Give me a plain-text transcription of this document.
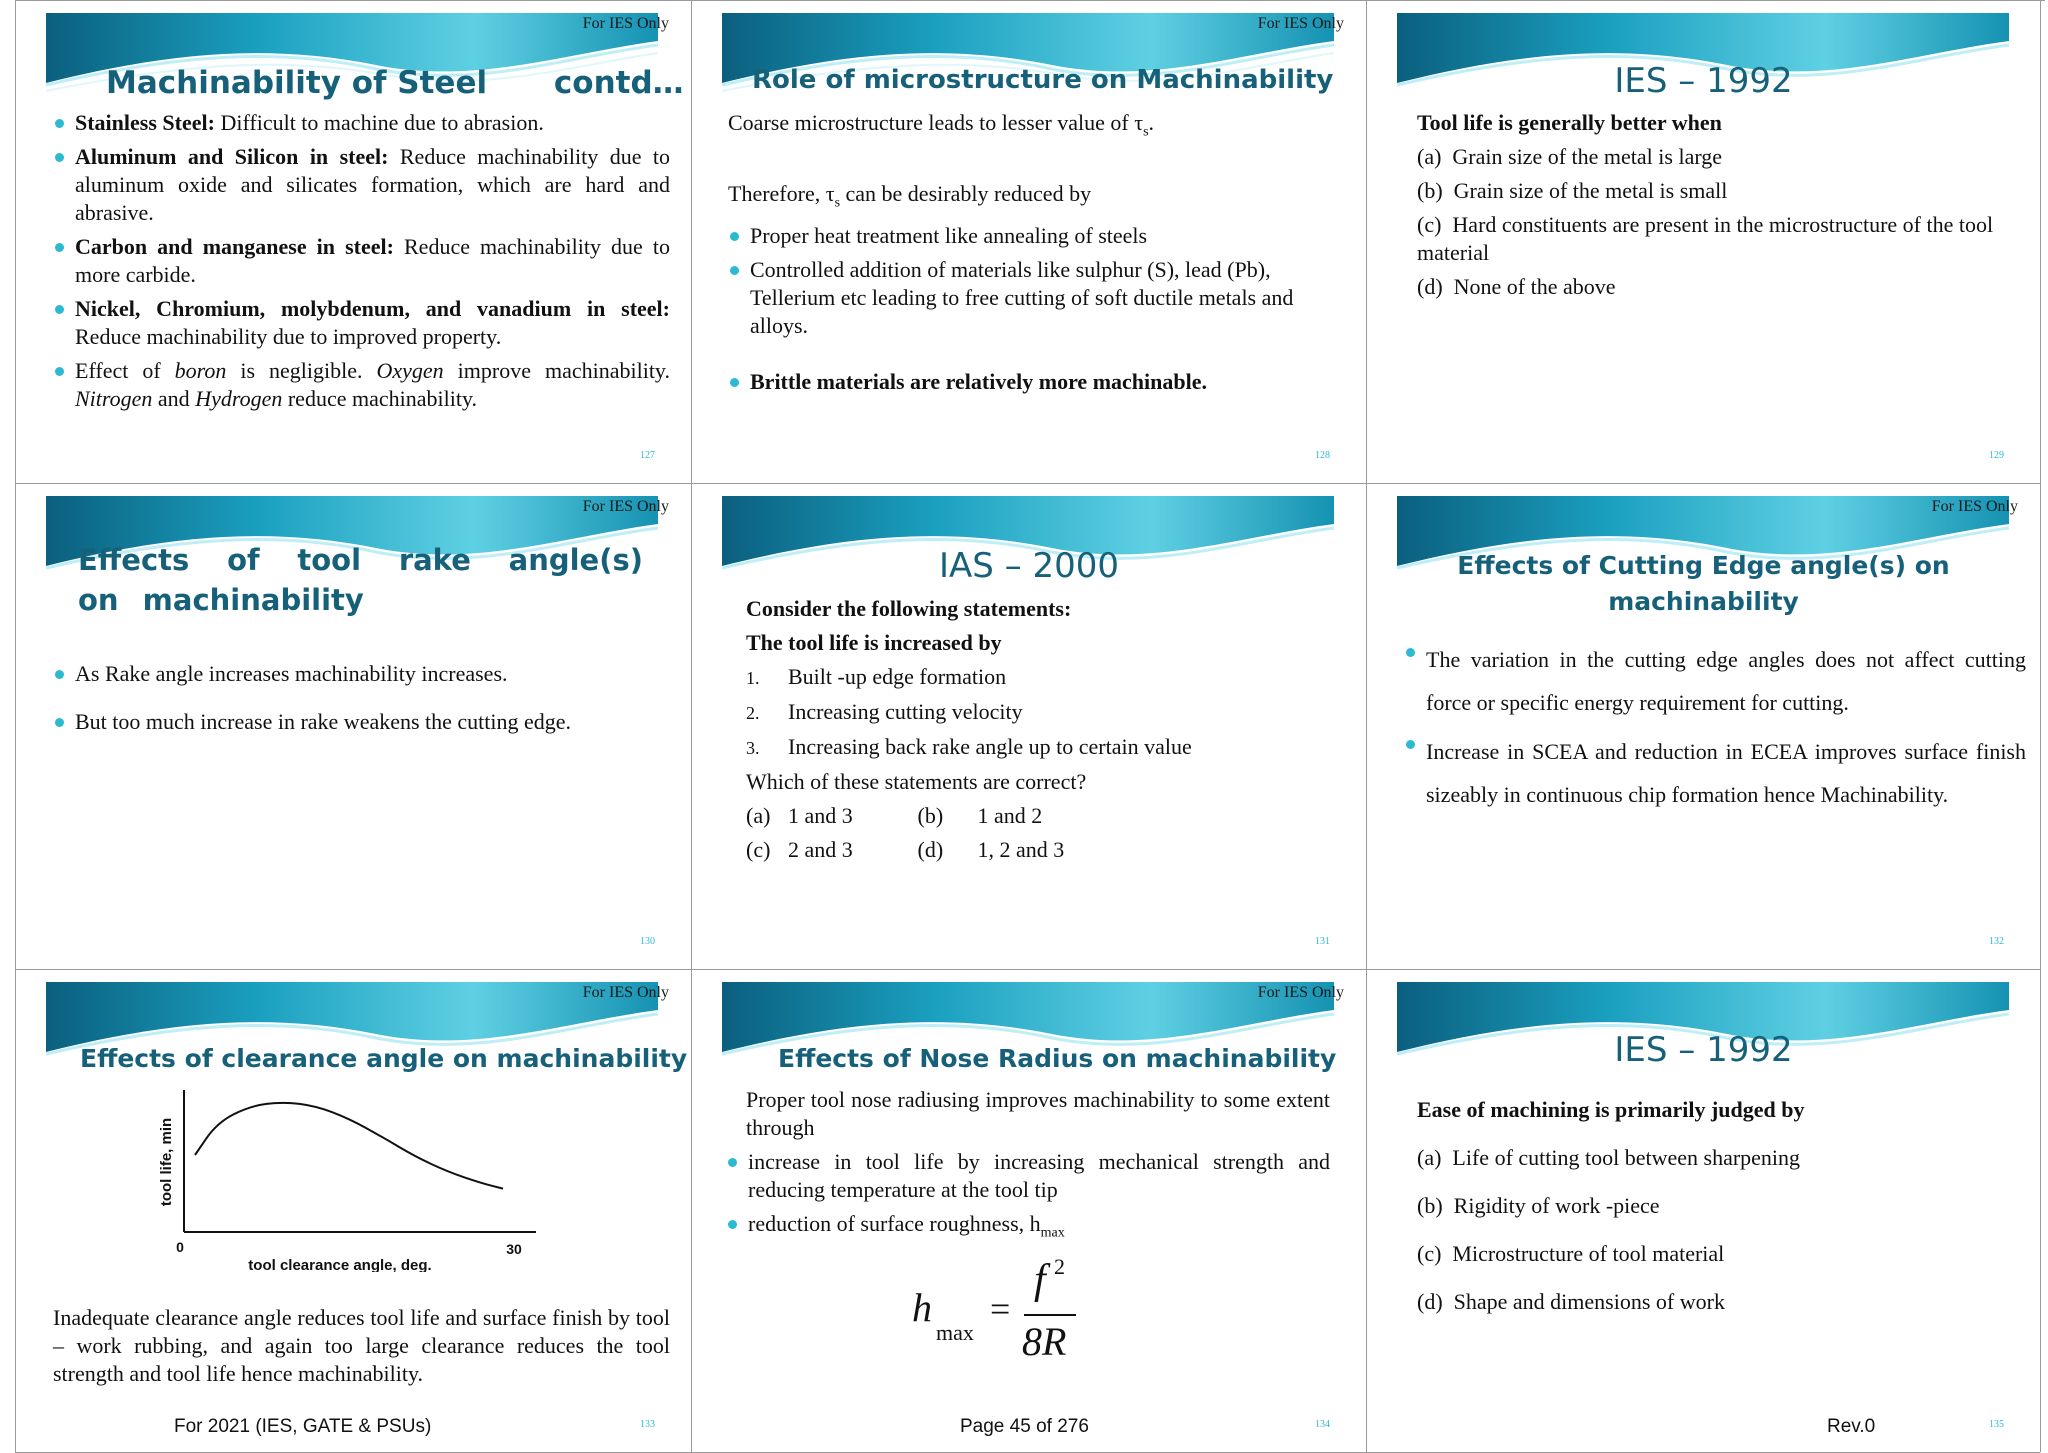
For IES Only
Machinability of Steel contd…
Stainless Steel: Difficult to machine due to abrasion.
Aluminum and Silicon in steel: Reduce machinability due to aluminum oxide and silicates formation, which are hard and abrasive.
Carbon and manganese in steel: Reduce machinability due to more carbide.
Nickel, Chromium, molybdenum, and vanadium in steel: Reduce machinability due to improved property.
Effect of boron is negligible. Oxygen improve machinability. Nitrogen and Hydrogen reduce machinability.
127
For IES Only
Role of microstructure on Machinability
Coarse microstructure leads to lesser value of $\tau_s$.
Therefore, $\tau_s$ can be desirably reduced by
Proper heat treatment like annealing of steels
Controlled addition of materials like sulphur (S), lead (Pb), Tellerium etc leading to free cutting of soft ductile metals and alloys.
Brittle materials are relatively more machinable.
128
IES – 1992
Tool life is generally better when
(a) Grain size of the metal is large
(b) Grain size of the metal is small
(c) Hard constituents are present in the microstructure of the tool material
(d) None of the above
129
For IES Only
Effects of tool rake angle(s) on machinability
As Rake angle increases machinability increases.
But too much increase in rake weakens the cutting edge.
130
IAS – 2000
Consider the following statements:
The tool life is increased by
1. Built -up edge formation
2. Increasing cutting velocity
3. Increasing back rake angle up to certain value
Which of these statements are correct?
(a) 1 and 3	(b) 1 and 2
(c) 2 and 3	(d) 1, 2 and 3
131
For IES Only
Effects of Cutting Edge angle(s) on
machinability
The variation in the cutting edge angles does not affect cutting force or specific energy requirement for cutting.
Increase in SCEA and reduction in ECEA improves surface finish sizeably in continuous chip formation hence Machinability.
132
For IES Only
Effects of clearance angle on machinability
tool life, min
0	30
tool clearance angle, deg.
Inadequate clearance angle reduces tool life and surface finish by tool – work rubbing, and again too large clearance reduces the tool strength and tool life hence machinability.
133
For 2021 (IES, GATE & PSUs)
For IES Only
Effects of Nose Radius on machinability
Proper tool nose radiusing improves machinability to some extent through
increase in tool life by increasing mechanical strength and reducing temperature at the tool tip
reduction of surface roughness, $h_{max}$
h
max
=
f 2
8R
134
Page 45 of 276
IES – 1992
Ease of machining is primarily judged by
(a) Life of cutting tool between sharpening
(b) Rigidity of work -piece
(c) Microstructure of tool material
(d) Shape and dimensions of work
135
Rev.0
